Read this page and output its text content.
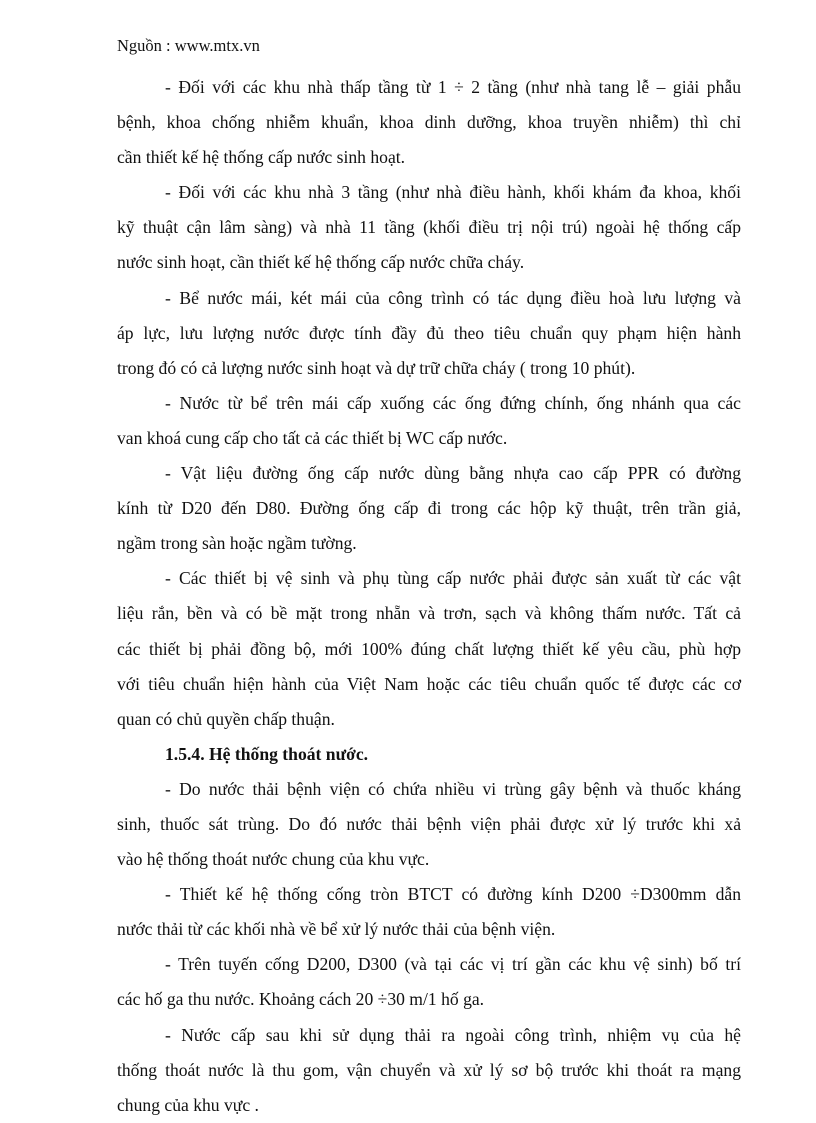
Nguồn : www.mtx.vn
- Đối với các khu nhà thấp tầng từ 1 ÷ 2 tầng (như nhà tang lễ – giải phẫu
bệnh, khoa chống nhiễm khuẩn, khoa dinh dưỡng, khoa truyền nhiễm) thì chỉ
cần thiết kế hệ thống cấp nước sinh hoạt.
- Đối với các khu nhà 3 tầng (như nhà điều hành, khối khám đa khoa, khối
kỹ thuật cận lâm sàng) và nhà 11 tầng (khối điều trị nội trú) ngoài hệ thống cấp
nước sinh hoạt, cần thiết kế hệ thống cấp nước chữa cháy.
- Bể nước mái, két mái của công trình có tác dụng điều hoà lưu lượng và
áp lực, lưu lượng nước được tính đầy đủ theo tiêu chuẩn quy phạm hiện hành
trong đó có cả lượng nước sinh hoạt và dự trữ chữa cháy ( trong 10 phút).
- Nước từ bể trên mái cấp xuống các ống đứng chính, ống nhánh qua các
van khoá cung cấp cho tất cả các thiết bị WC cấp nước.
- Vật liệu đường ống cấp nước dùng bằng nhựa cao cấp PPR có đường
kính từ D20 đến D80. Đường ống cấp đi trong các hộp kỹ thuật, trên trần giả,
ngầm trong sàn hoặc ngầm tường.
- Các thiết bị vệ sinh và phụ tùng cấp nước phải được sản xuất từ các vật
liệu rắn, bền và có bề mặt trong nhẵn và trơn, sạch và không thấm nước. Tất cả
các thiết bị phải đồng bộ, mới 100% đúng chất lượng thiết kế yêu cầu, phù hợp
với tiêu chuẩn hiện hành của Việt Nam hoặc các tiêu chuẩn quốc tế được các cơ
quan có chủ quyền chấp thuận.
1.5.4. Hệ thống thoát nước.
- Do nước thải bệnh viện có chứa nhiều vi trùng gây bệnh và thuốc kháng
sinh, thuốc sát trùng. Do đó nước thải bệnh viện phải được xử lý trước khi xả
vào hệ thống thoát nước chung của khu vực.
- Thiết kế hệ thống cống tròn BTCT có đường kính D200 ÷D300mm dẫn
nước thải từ các khối nhà về bể xử lý nước thải của bệnh viện.
- Trên tuyến cống D200, D300 (và tại các vị trí gần các khu vệ sinh) bố trí
các hố ga thu nước. Khoảng cách 20 ÷30 m/1 hố ga.
- Nước cấp sau khi sử dụng thải ra ngoài công trình, nhiệm vụ của hệ
thống thoát nước là thu gom, vận chuyển và xử lý sơ bộ trước khi thoát ra mạng
chung của khu vực .
